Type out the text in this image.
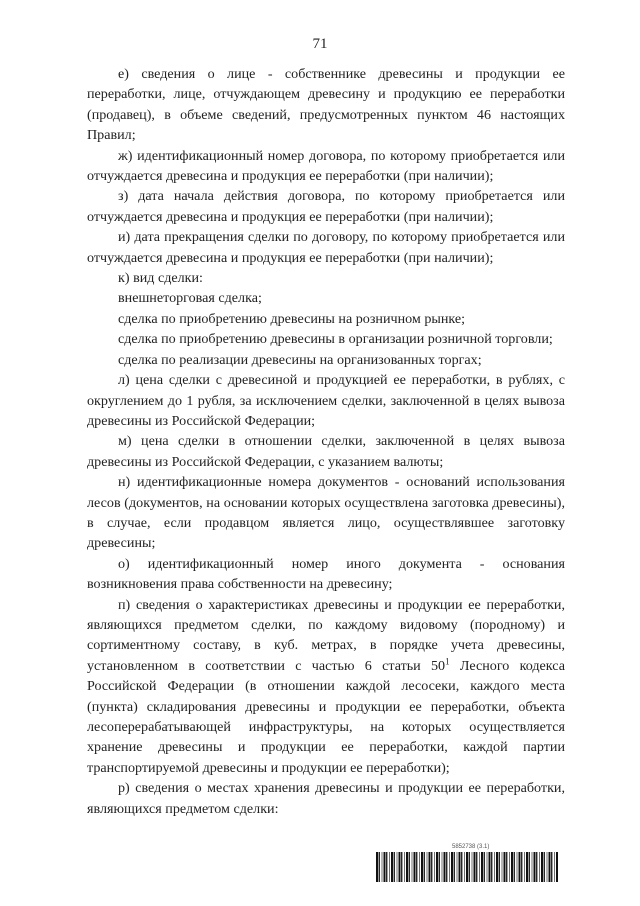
71

е) сведения о лице - собственнике древесины и продукции ее переработки, лице, отчуждающем древесину и продукцию ее переработки (продавец), в объеме сведений, предусмотренных пунктом 46 настоящих Правил;

ж) идентификационный номер договора, по которому приобретается или отчуждается древесина и продукция ее переработки (при наличии);

з) дата начала действия договора, по которому приобретается или отчуждается древесина и продукция ее переработки (при наличии);

и) дата прекращения сделки по договору, по которому приобретается или отчуждается древесина и продукция ее переработки (при наличии);

к) вид сделки:

внешнеторговая сделка;

сделка по приобретению древесины на розничном рынке;

сделка по приобретению древесины в организации розничной торговли;

сделка по реализации древесины на организованных торгах;

л) цена сделки с древесиной и продукцией ее переработки, в рублях, с округлением до 1 рубля, за исключением сделки, заключенной в целях вывоза древесины из Российской Федерации;

м) цена сделки в отношении сделки, заключенной в целях вывоза древесины из Российской Федерации, с указанием валюты;

н) идентификационные номера документов - оснований использования лесов (документов, на основании которых осуществлена заготовка древесины), в случае, если продавцом является лицо, осуществлявшее заготовку древесины;

о) идентификационный номер иного документа - основания возникновения права собственности на древесину;

п) сведения о характеристиках древесины и продукции ее переработки, являющихся предметом сделки, по каждому видовому (породному) и сортиментному составу, в куб. метрах, в порядке учета древесины, установленном в соответствии с частью 6 статьи $50^1$ Лесного кодекса Российской Федерации (в отношении каждой лесосеки, каждого места (пункта) складирования древесины и продукции ее переработки, объекта лесоперерабатывающей инфраструктуры, на которых осуществляется хранение древесины и продукции ее переработки, каждой партии транспортируемой древесины и продукции ее переработки);

р) сведения о местах хранения древесины и продукции ее переработки, являющихся предметом сделки:

5852738 (3.1)
